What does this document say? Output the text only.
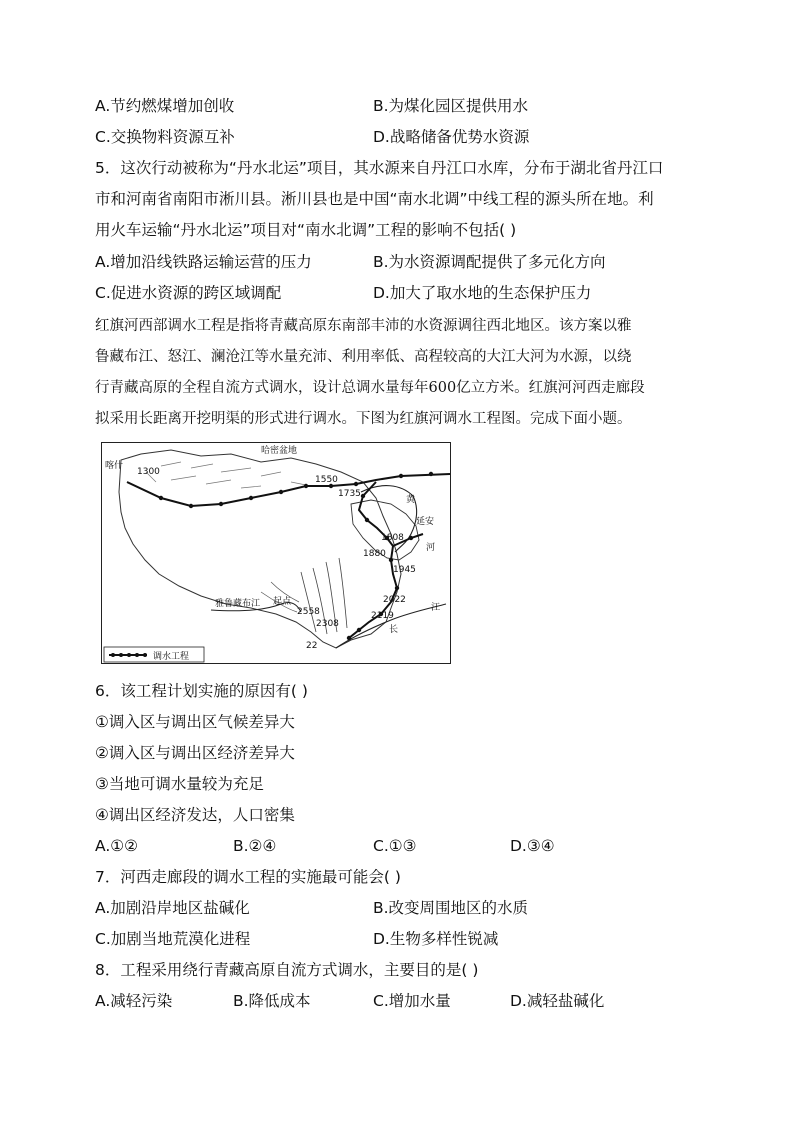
A.节约燃煤增加创收	B.为煤化园区提供用水
C.交换物料资源互补	D.战略储备优势水资源
5．这次行动被称为“丹水北运”项目，其水源来自丹江口水库，分布于湖北省丹江口
市和河南省南阳市淅川县。淅川县也是中国“南水北调”中线工程的源头所在地。利
用火车运输“丹水北运”项目对“南水北调”工程的影响不包括( )
A.增加沿线铁路运输运营的压力	B.为水资源调配提供了多元化方向
C.促进水资源的跨区域调配	D.加大了取水地的生态保护压力
红旗河西部调水工程是指将青藏高原东南部丰沛的水资源调往西北地区。该方案以雅
鲁藏布江、怒江、澜沧江等水量充沛、利用率低、高程较高的大江大河为水源，以绕
行青藏高原的全程自流方式调水，设计总调水量每年600亿立方米。红旗河河西走廊段
拟采用长距离开挖明渠的形式进行调水。下图为红旗河调水工程图。完成下面小题。
喀什
哈密盆地
黄
河
延安
起点
雅鲁藏布江
长
江
1300
1550
1735
1808
1880
1945
2022
2119
2558
2308
22
调水工程
6．该工程计划实施的原因有( )
①调入区与调出区气候差异大
②调入区与调出区经济差异大
③当地可调水量较为充足
④调出区经济发达，人口密集
A.①②	B.②④	C.①③	D.③④
7．河西走廊段的调水工程的实施最可能会( )
A.加剧沿岸地区盐碱化	B.改变周围地区的水质
C.加剧当地荒漠化进程	D.生物多样性锐减
8．工程采用绕行青藏高原自流方式调水，主要目的是( )
A.减轻污染	B.降低成本	C.增加水量	D.减轻盐碱化
